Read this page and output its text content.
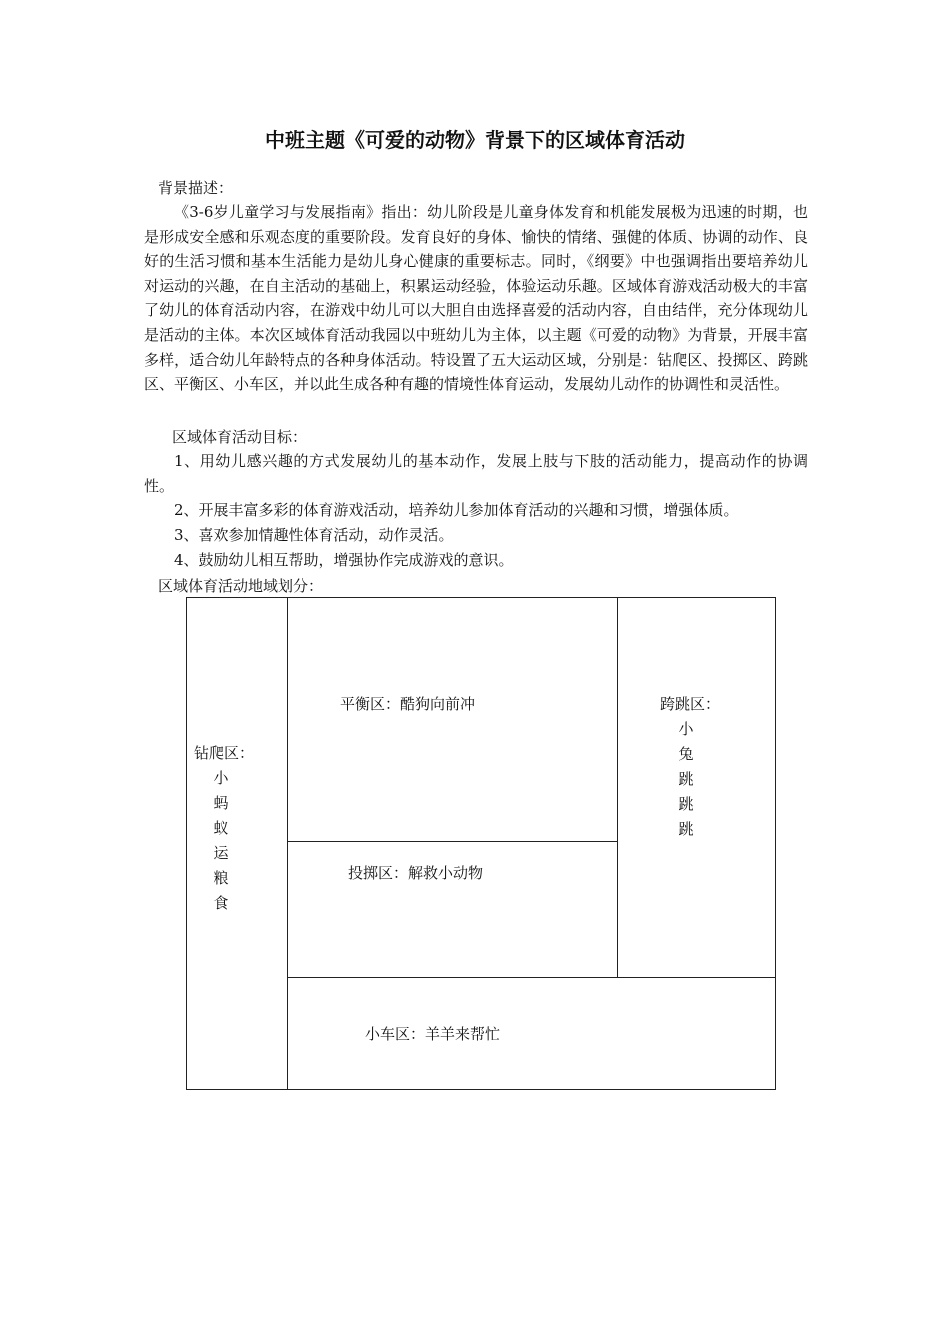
中班主题《可爱的动物》背景下的区域体育活动
背景描述：
《3-6岁儿童学习与发展指南》指出：幼儿阶段是儿童身体发育和机能发展极为迅速的时期，也是形成安全感和乐观态度的重要阶段。发育良好的身体、愉快的情绪、强健的体质、协调的动作、良好的生活习惯和基本生活能力是幼儿身心健康的重要标志。同时，《纲要》中也强调指出要培养幼儿对运动的兴趣，在自主活动的基础上，积累运动经验，体验运动乐趣。区域体育游戏活动极大的丰富了幼儿的体育活动内容，在游戏中幼儿可以大胆自由选择喜爱的活动内容，自由结伴，充分体现幼儿是活动的主体。本次区域体育活动我园以中班幼儿为主体，以主题《可爱的动物》为背景，开展丰富多样，适合幼儿年龄特点的各种身体活动。特设置了五大运动区域，分别是：钻爬区、投掷区、跨跳区、平衡区、小车区，并以此生成各种有趣的情境性体育运动，发展幼儿动作的协调性和灵活性。
区域体育活动目标：
1、用幼儿感兴趣的方式发展幼儿的基本动作，发展上肢与下肢的活动能力，提高动作的协调性。
2、开展丰富多彩的体育游戏活动，培养幼儿参加体育活动的兴趣和习惯，增强体质。
3、喜欢参加情趣性体育活动，动作灵活。
4、鼓励幼儿相互帮助，增强协作完成游戏的意识。
区域体育活动地域划分：
钻爬区：
小
蚂
蚁
运
粮
食
平衡区：酷狗向前冲
投掷区：解救小动物
跨跳区：
小
兔
跳
跳
跳
小车区：羊羊来帮忙
